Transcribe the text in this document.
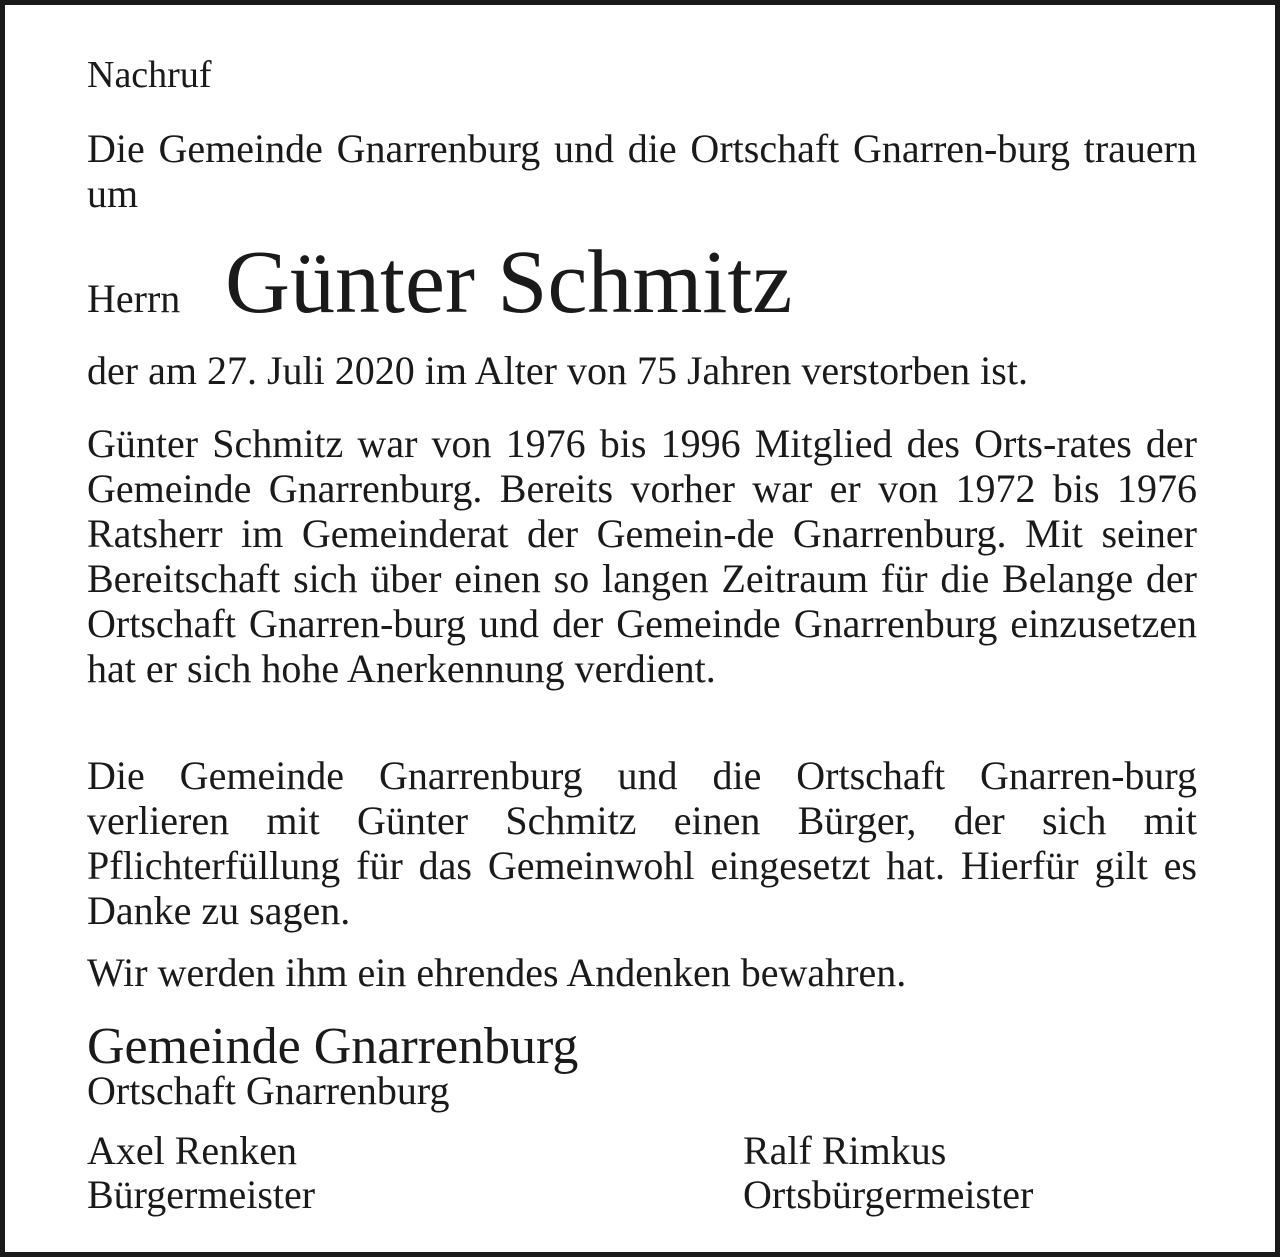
Nachruf

Die Gemeinde Gnarrenburg und die Ortschaft Gnarren-burg trauern um

Herrn Günter Schmitz

der am 27. Juli 2020 im Alter von 75 Jahren verstorben ist.

Günter Schmitz war von 1976 bis 1996 Mitglied des Orts-rates der Gemeinde Gnarrenburg. Bereits vorher war er von 1972 bis 1976 Ratsherr im Gemeinderat der Gemein-de Gnarrenburg. Mit seiner Bereitschaft sich über einen so langen Zeitraum für die Belange der Ortschaft Gnarren-burg und der Gemeinde Gnarrenburg einzusetzen hat er sich hohe Anerkennung verdient.

Die Gemeinde Gnarrenburg und die Ortschaft Gnarren-burg verlieren mit Günter Schmitz einen Bürger, der sich mit Pflichterfüllung für das Gemeinwohl eingesetzt hat. Hierfür gilt es Danke zu sagen.

Wir werden ihm ein ehrendes Andenken bewahren.

Gemeinde Gnarrenburg

Ortschaft Gnarrenburg

Axel Renken
Bürgermeister
Ralf Rimkus
Ortsbürgermeister
